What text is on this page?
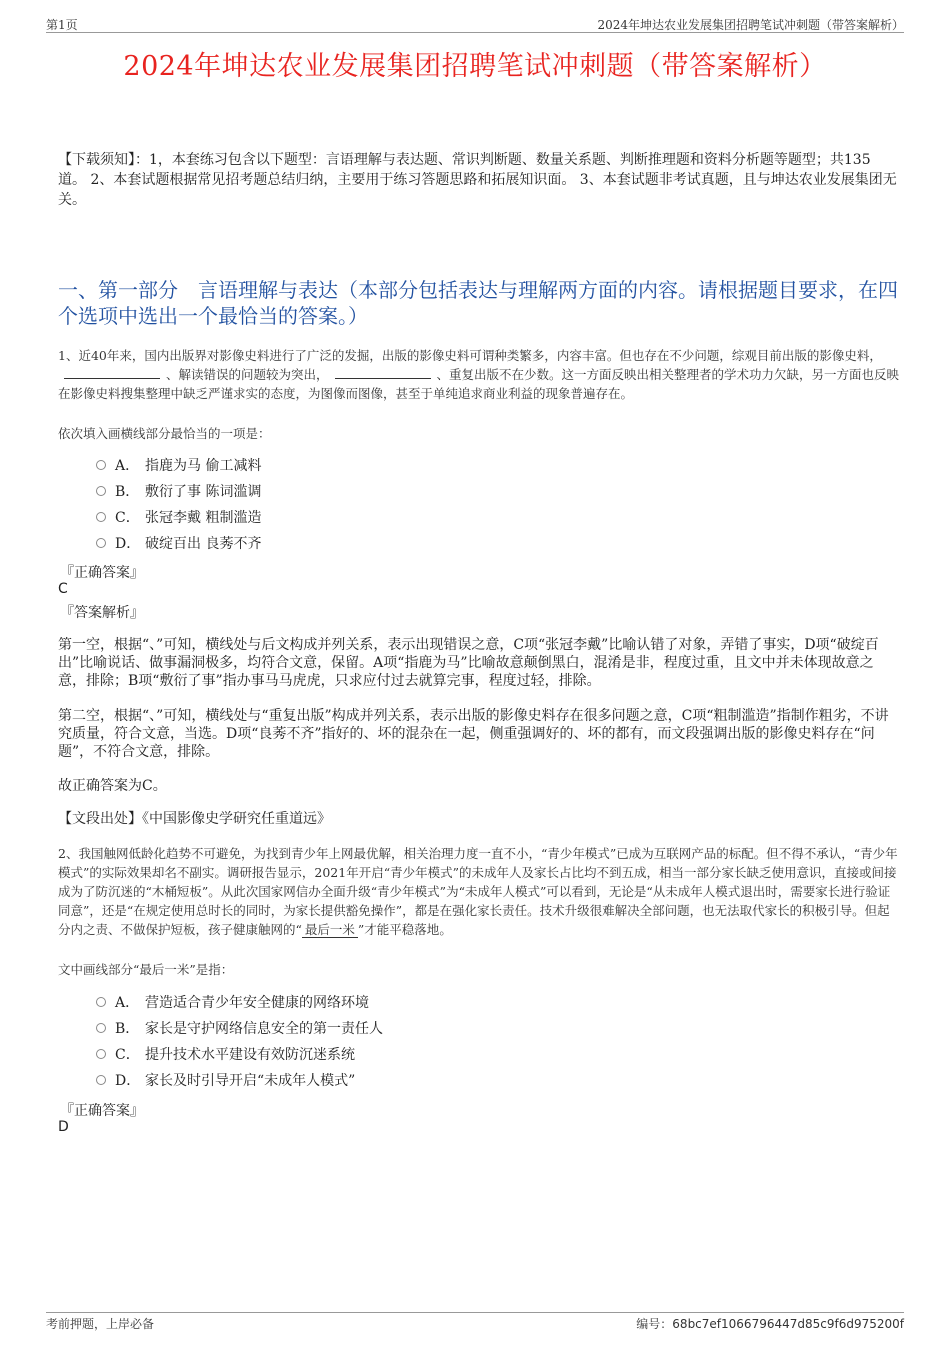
第1页	2024年坤达农业发展集团招聘笔试冲刺题（带答案解析）
2024年坤达农业发展集团招聘笔试冲刺题（带答案解析）
【下载须知】：1，本套练习包含以下题型：言语理解与表达题、常识判断题、数量关系题、判断推理题和资料分析题等题型；共135道。 2、本套试题根据常见招考题总结归纳，主要用于练习答题思路和拓展知识面。 3、本套试题非考试真题，且与坤达农业发展集团无关。
一、第一部分　言语理解与表达（本部分包括表达与理解两方面的内容。请根据题目要求，在四个选项中选出一个最恰当的答案。）
1、近40年来，国内出版界对影像史料进行了广泛的发掘，出版的影像史料可谓种类繁多，内容丰富。但也存在不少问题，综观目前出版的影像史料，、解读错误的问题较为突出，	、重复出版不在少数。这一方面反映出相关整理者的学术功力欠缺，另一方面也反映在影像史料搜集整理中缺乏严谨求实的态度，为图像而图像，甚至于单纯追求商业利益的现象普遍存在。
依次填入画横线部分最恰当的一项是：
A． 指鹿为马 偷工减料
B． 敷衍了事 陈词滥调
C． 张冠李戴 粗制滥造
D． 破绽百出 良莠不齐
『正确答案』
C
『答案解析』
第一空，根据“、”可知，横线处与后文构成并列关系，表示出现错误之意，C项“张冠李戴”比喻认错了对象，弄错了事实，D项“破绽百出”比喻说话、做事漏洞极多，均符合文意，保留。A项“指鹿为马”比喻故意颠倒黑白，混淆是非，程度过重，且文中并未体现故意之意，排除；B项“敷衍了事”指办事马马虎虎，只求应付过去就算完事，程度过轻，排除。
第二空，根据“、”可知，横线处与“重复出版”构成并列关系，表示出版的影像史料存在很多问题之意，C项“粗制滥造”指制作粗劣，不讲究质量，符合文意，当选。D项“良莠不齐”指好的、坏的混杂在一起，侧重强调好的、坏的都有，而文段强调出版的影像史料存在“问题”，不符合文意，排除。
故正确答案为C。
【文段出处】《中国影像史学研究任重道远》
2、我国触网低龄化趋势不可避免，为找到青少年上网最优解，相关治理力度一直不小，“青少年模式”已成为互联网产品的标配。但不得不承认，“青少年模式”的实际效果却名不副实。调研报告显示，2021年开启“青少年模式”的未成年人及家长占比均不到五成，相当一部分家长缺乏使用意识，直接或间接成为了防沉迷的“木桶短板”。从此次国家网信办全面升级“青少年模式”为“未成年人模式”可以看到，无论是“从未成年人模式退出时，需要家长进行验证同意”，还是“在规定使用总时长的同时，为家长提供豁免操作”，都是在强化家长责任。技术升级很难解决全部问题，也无法取代家长的积极引导。但起分内之责、不做保护短板，孩子健康触网的“ 最后一米 ”才能平稳落地。
文中画线部分“最后一米”是指：
A． 营造适合青少年安全健康的网络环境
B． 家长是守护网络信息安全的第一责任人
C． 提升技术水平建设有效防沉迷系统
D． 家长及时引导开启“未成年人模式”
『正确答案』
D
考前押题，上岸必备	编号：68bc7ef1066796447d85c9f6d975200f
